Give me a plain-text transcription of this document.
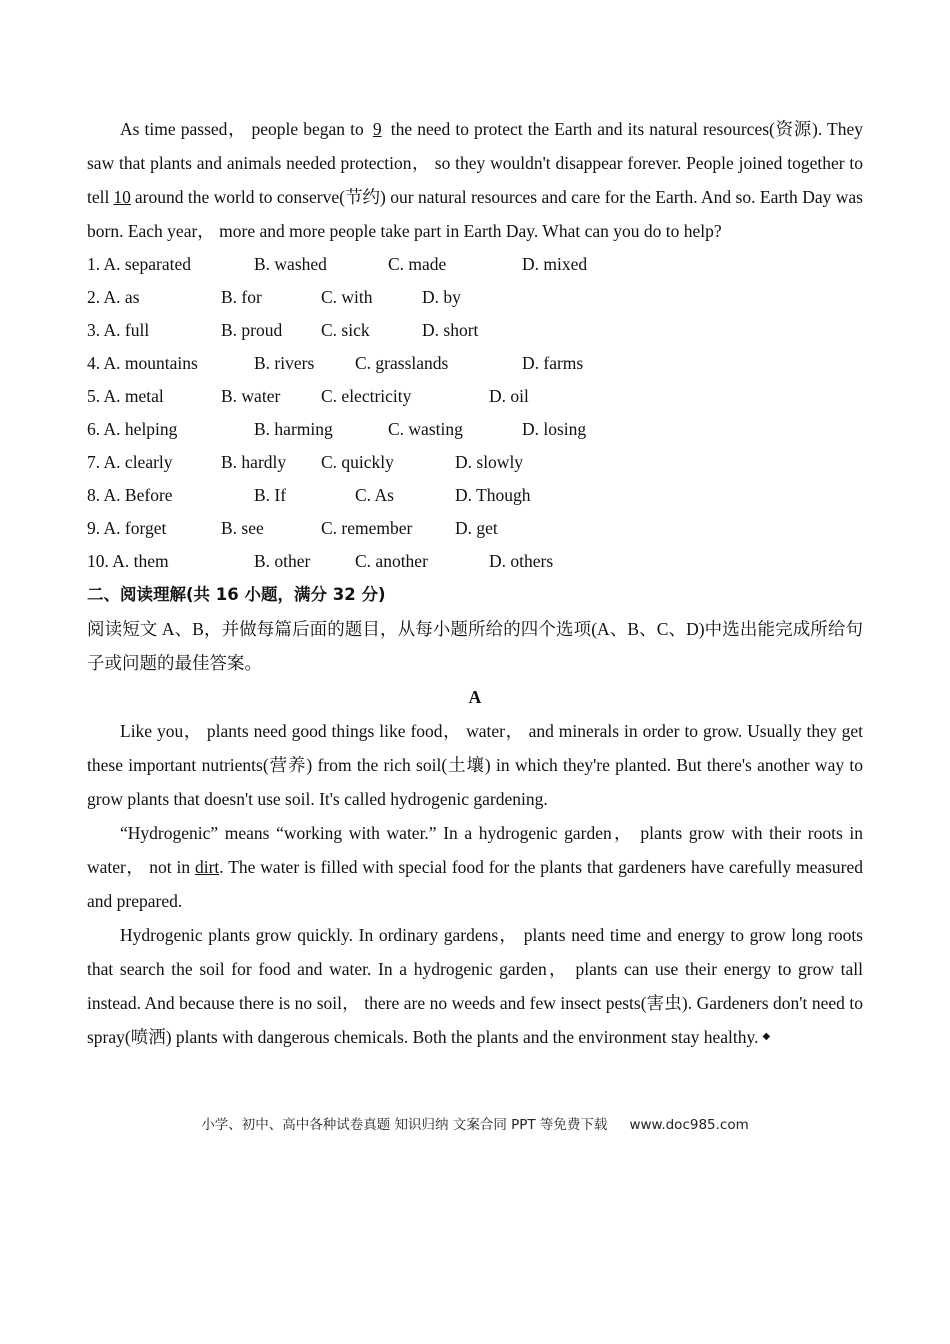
As time passed， people began to 9 the need to protect the Earth and its natural resources(资源). They saw that plants and animals needed protection， so they wouldn't disappear forever. People joined together to tell 10 around the world to conserve(节约) our natural resources and care for the Earth. And so. Earth Day was born. Each year， more and more people take part in Earth Day. What can you do to help?

1. A. separated	B. washed	C. made	D. mixed
2. A. as	B. for	C. with	D. by
3. A. full	B. proud C. sick	D. short
4. A. mountains	B. rivers C. grasslands	D. farms
5. A. metal	B. water C. electricity	D. oil
6. A. helping	B. harming	C. wasting	D. losing
7. A. clearly	B. hardly C. quickly	D. slowly
8. A. Before	B. If	C. As	D. Though
9. A. forget	B. see	C. remember D. get
10. A. them	B. other	C. another	D. others

二、阅读理解(共 16 小题，满分 32 分)

阅读短文 A、B，并做每篇后面的题目，从每小题所给的四个选项(A、B、C、D)中选出能完成所给句子或问题的最佳答案。

A

Like you， plants need good things like food， water， and minerals in order to grow. Usually they get these important nutrients(营养) from the rich soil(土壤) in which they're planted. But there's another way to grow plants that doesn't use soil. It's called hydrogenic gardening.

“Hydrogenic” means “working with water.” In a hydrogenic garden， plants grow with their roots in water， not in dirt. The water is filled with special food for the plants that gardeners have carefully measured and prepared.

Hydrogenic plants grow quickly. In ordinary gardens， plants need time and energy to grow long roots that search the soil for food and water. In a hydrogenic garden， plants can use their energy to grow tall instead. And because there is no soil， there are no weeds and few insect pests(害虫). Gardeners don't need to spray(喷洒) plants with dangerous chemicals. Both the plants and the environment stay healthy. ◆

小学、初中、高中各种试卷真题 知识归纳 文案合同 PPT 等免费下载 www.doc985.com
